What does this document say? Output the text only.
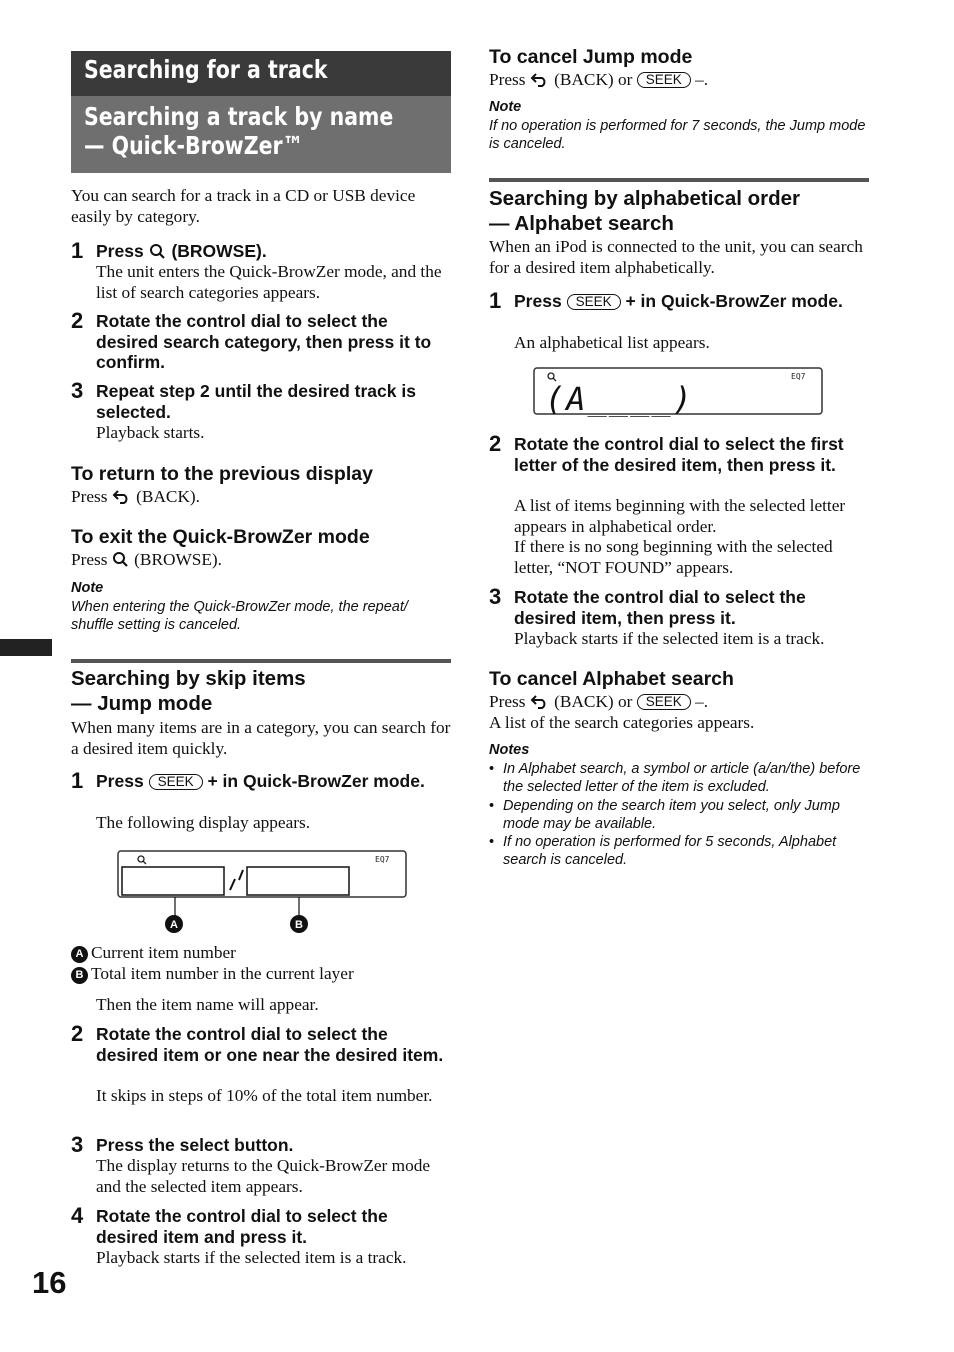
16
Searching for a track
Searching a track by name
— Quick-BrowZer™
You can search for a track in a CD or USB device easily by category.
1 Press (BROWSE).
The unit enters the Quick-BrowZer mode, and the list of search categories appears.
2 Rotate the control dial to select the desired search category, then press it to confirm.
3 Repeat step 2 until the desired track is selected.
Playback starts.
To return to the previous display
Press (BACK).
To exit the Quick-BrowZer mode
Press (BROWSE).
Note
When entering the Quick-BrowZer mode, the repeat/ shuffle setting is canceled.
Searching by skip items
— Jump mode
When many items are in a category, you can search for a desired item quickly.
1 Press SEEK + in Quick-BrowZer mode.
The following display appears.
EQ7
A	B
A Current item number
B Total item number in the current layer
Then the item name will appear.
2 Rotate the control dial to select the desired item or one near the desired item.
It skips in steps of 10% of the total item number.
3 Press the select button.
The display returns to the Quick-BrowZer mode and the selected item appears.
4 Rotate the control dial to select the desired item and press it.
Playback starts if the selected item is a track.
To cancel Jump mode
Press (BACK) or SEEK –.
Note
If no operation is performed for 7 seconds, the Jump mode is canceled.
Searching by alphabetical order
— Alphabet search
When an iPod is connected to the unit, you can search for a desired item alphabetically.
1 Press SEEK + in Quick-BrowZer mode.
An alphabetical list appears.
EQ7
(A____)
2 Rotate the control dial to select the first letter of the desired item, then press it.
A list of items beginning with the selected letter appears in alphabetical order.
If there is no song beginning with the selected letter, “NOT FOUND” appears.
3 Rotate the control dial to select the desired item, then press it.
Playback starts if the selected item is a track.
To cancel Alphabet search
Press (BACK) or SEEK –.
A list of the search categories appears.
Notes
• In Alphabet search, a symbol or article (a/an/the) before the selected letter of the item is excluded.
• Depending on the search item you select, only Jump mode may be available.
• If no operation is performed for 5 seconds, Alphabet search is canceled.
